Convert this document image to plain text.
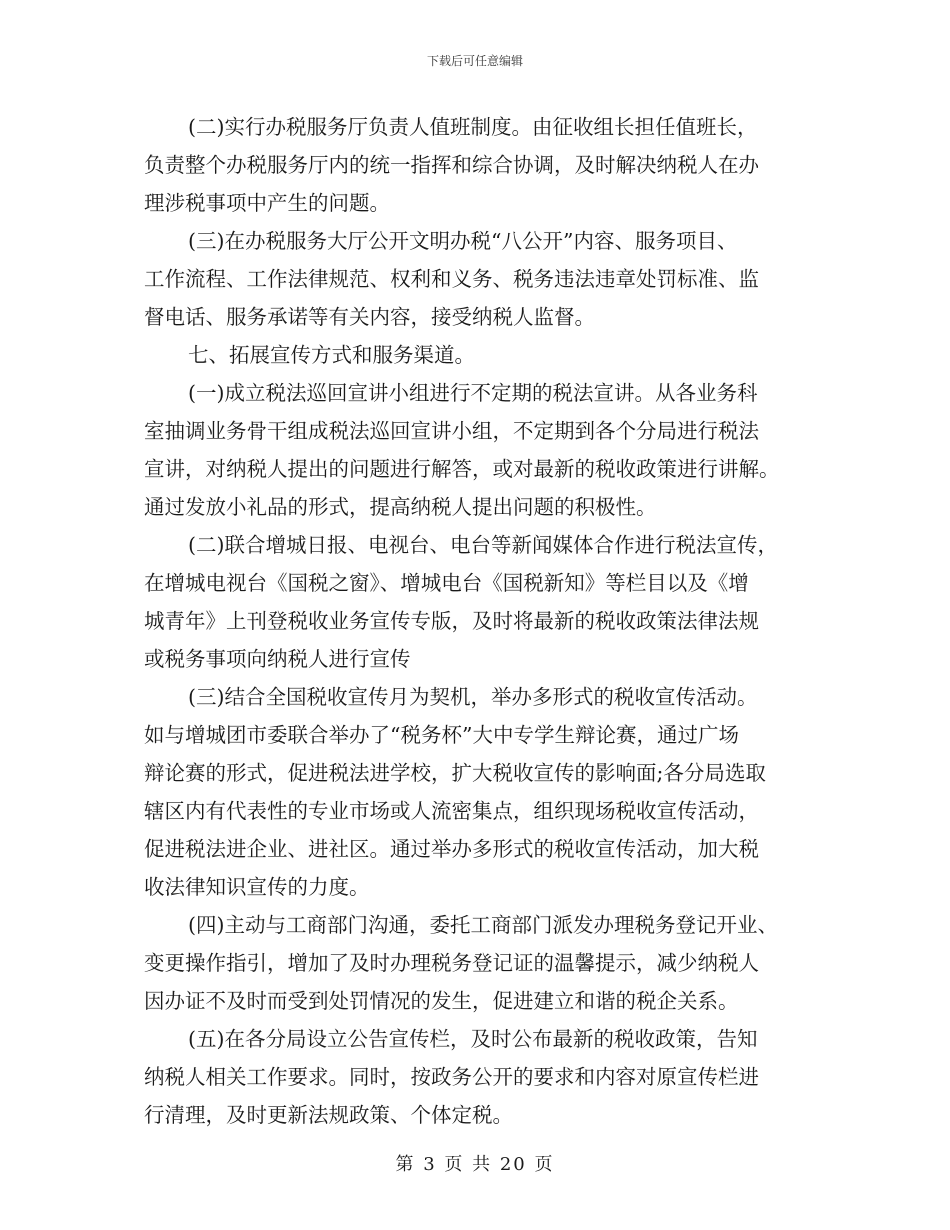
下载后可任意编辑
(二)实行办税服务厅负责人值班制度。由征收组长担任值班长，
负责整个办税服务厅内的统一指挥和综合协调，及时解决纳税人在办
理涉税事项中产生的问题。
(三)在办税服务大厅公开文明办税“八公开”内容、服务项目、
工作流程、工作法律规范、权利和义务、税务违法违章处罚标准、监
督电话、服务承诺等有关内容，接受纳税人监督。
七、拓展宣传方式和服务渠道。
(一)成立税法巡回宣讲小组进行不定期的税法宣讲。从各业务科
室抽调业务骨干组成税法巡回宣讲小组，不定期到各个分局进行税法
宣讲，对纳税人提出的问题进行解答，或对最新的税收政策进行讲解。
通过发放小礼品的形式，提高纳税人提出问题的积极性。
(二)联合增城日报、电视台、电台等新闻媒体合作进行税法宣传，
在增城电视台《国税之窗》、增城电台《国税新知》等栏目以及《增
城青年》上刊登税收业务宣传专版，及时将最新的税收政策法律法规
或税务事项向纳税人进行宣传
(三)结合全国税收宣传月为契机，举办多形式的税收宣传活动。
如与增城团市委联合举办了“税务杯”大中专学生辩论赛，通过广场
辩论赛的形式，促进税法进学校，扩大税收宣传的影响面;各分局选取
辖区内有代表性的专业市场或人流密集点，组织现场税收宣传活动，
促进税法进企业、进社区。通过举办多形式的税收宣传活动，加大税
收法律知识宣传的力度。
(四)主动与工商部门沟通，委托工商部门派发办理税务登记开业、
变更操作指引，增加了及时办理税务登记证的温馨提示，减少纳税人
因办证不及时而受到处罚情况的发生，促进建立和谐的税企关系。
(五)在各分局设立公告宣传栏，及时公布最新的税收政策，告知
纳税人相关工作要求。同时，按政务公开的要求和内容对原宣传栏进
行清理，及时更新法规政策、个体定税。
第 3 页 共 20 页
